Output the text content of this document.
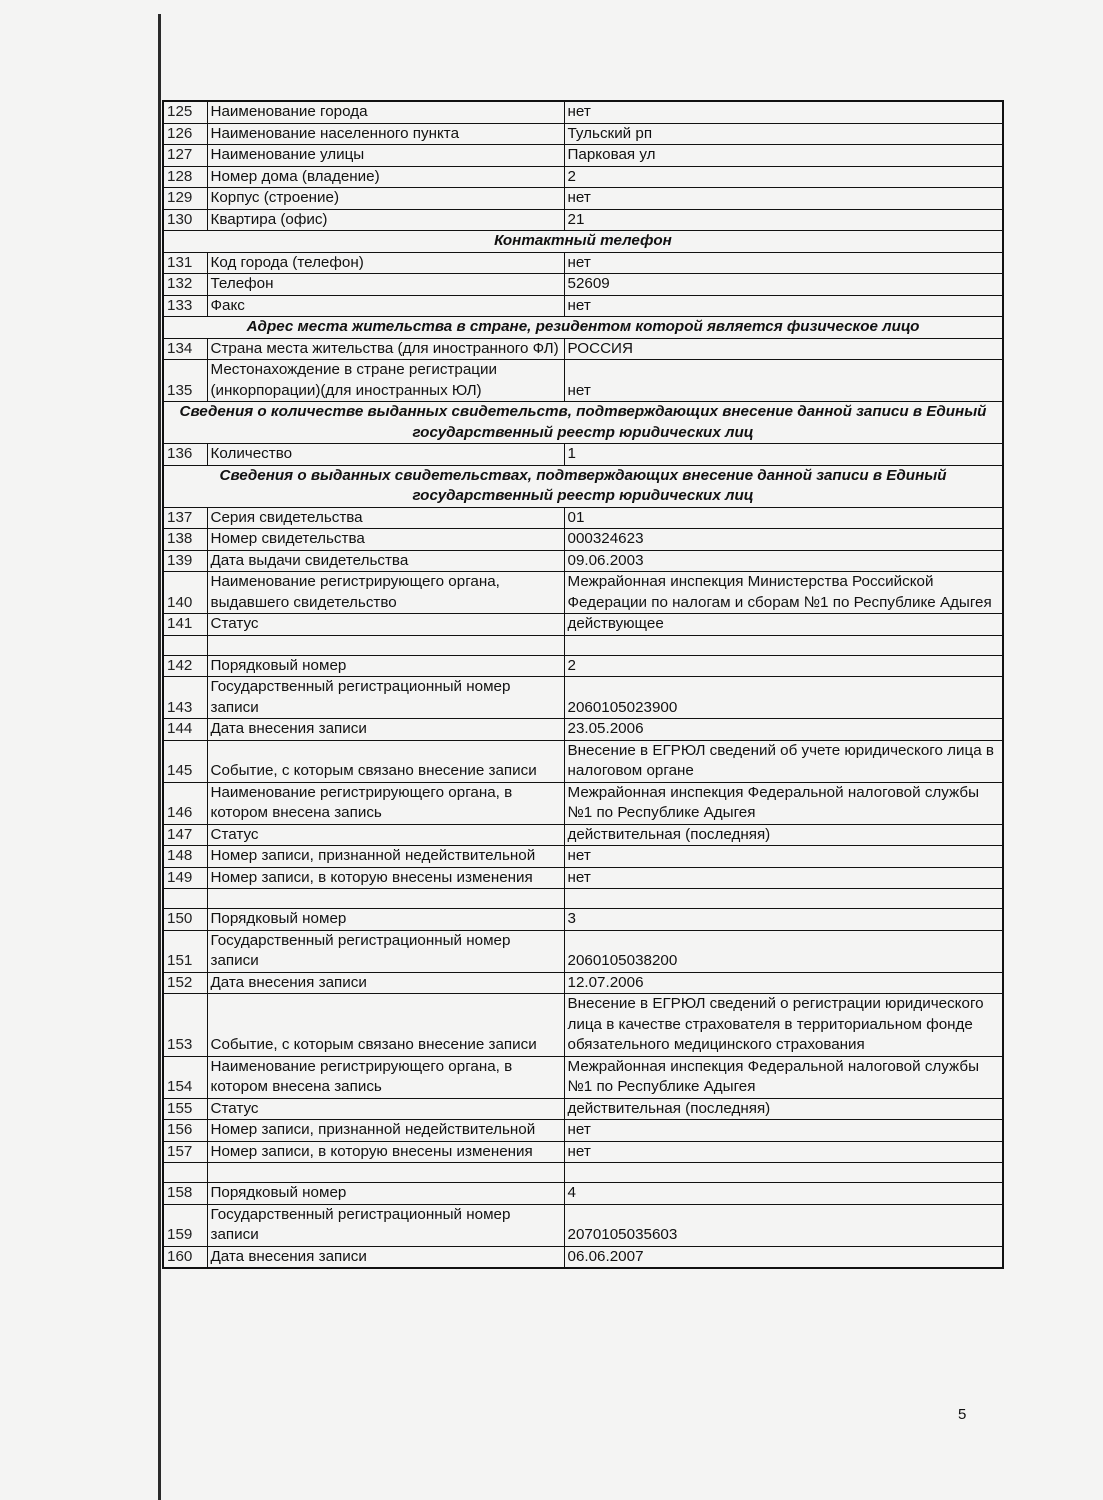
125	Наименование города	нет
126	Наименование населенного пункта	Тульский рп
127	Наименование улицы	Парковая ул
128	Номер дома (владение)	2
129	Корпус (строение)	нет
130	Квартира (офис)	21
Контактный телефон		
131	Код города (телефон)	нет
132	Телефон	52609
133	Факс	нет
Адрес места жительства в стране, резидентом которой является физическое лицо		
134	Страна места жительства (для иностранного ФЛ)	РОССИЯ
135	Местонахождение в стране регистрации (инкорпорации)(для иностранных ЮЛ)	нет
Сведения о количестве выданных свидетельств, подтверждающих внесение данной записи в Единый государственный реестр юридических лиц		
136	Количество	1
Сведения о выданных свидетельствах, подтверждающих внесение данной записи в Единый государственный реестр юридических лиц		
137	Серия свидетельства	01
138	Номер свидетельства	000324623
139	Дата выдачи свидетельства	09.06.2003
140	Наименование регистрирующего органа, выдавшего свидетельство	Межрайонная инспекция Министерства Российской Федерации по налогам и сборам №1 по Республике Адыгея
141	Статус	действующее

142	Порядковый номер	2
143	Государственный регистрационный номер записи	2060105023900
144	Дата внесения записи	23.05.2006
145	Событие, с которым связано внесение записи	Внесение в ЕГРЮЛ сведений об учете юридического лица в налоговом органе
146	Наименование регистрирующего органа, в котором внесена запись	Межрайонная инспекция Федеральной налоговой службы №1 по Республике Адыгея
147	Статус	действительная (последняя)
148	Номер записи, признанной недействительной	нет
149	Номер записи, в которую внесены изменения	нет

150	Порядковый номер	3
151	Государственный регистрационный номер записи	2060105038200
152	Дата внесения записи	12.07.2006
153	Событие, с которым связано внесение записи	Внесение в ЕГРЮЛ сведений о регистрации юридического лица в качестве страхователя в территориальном фонде обязательного медицинского страхования
154	Наименование регистрирующего органа, в котором внесена запись	Межрайонная инспекция Федеральной налоговой службы №1 по Республике Адыгея
155	Статус	действительная (последняя)
156	Номер записи, признанной недействительной	нет
157	Номер записи, в которую внесены изменения	нет

158	Порядковый номер	4
159	Государственный регистрационный номер записи	2070105035603
160	Дата внесения записи	06.06.2007
5
